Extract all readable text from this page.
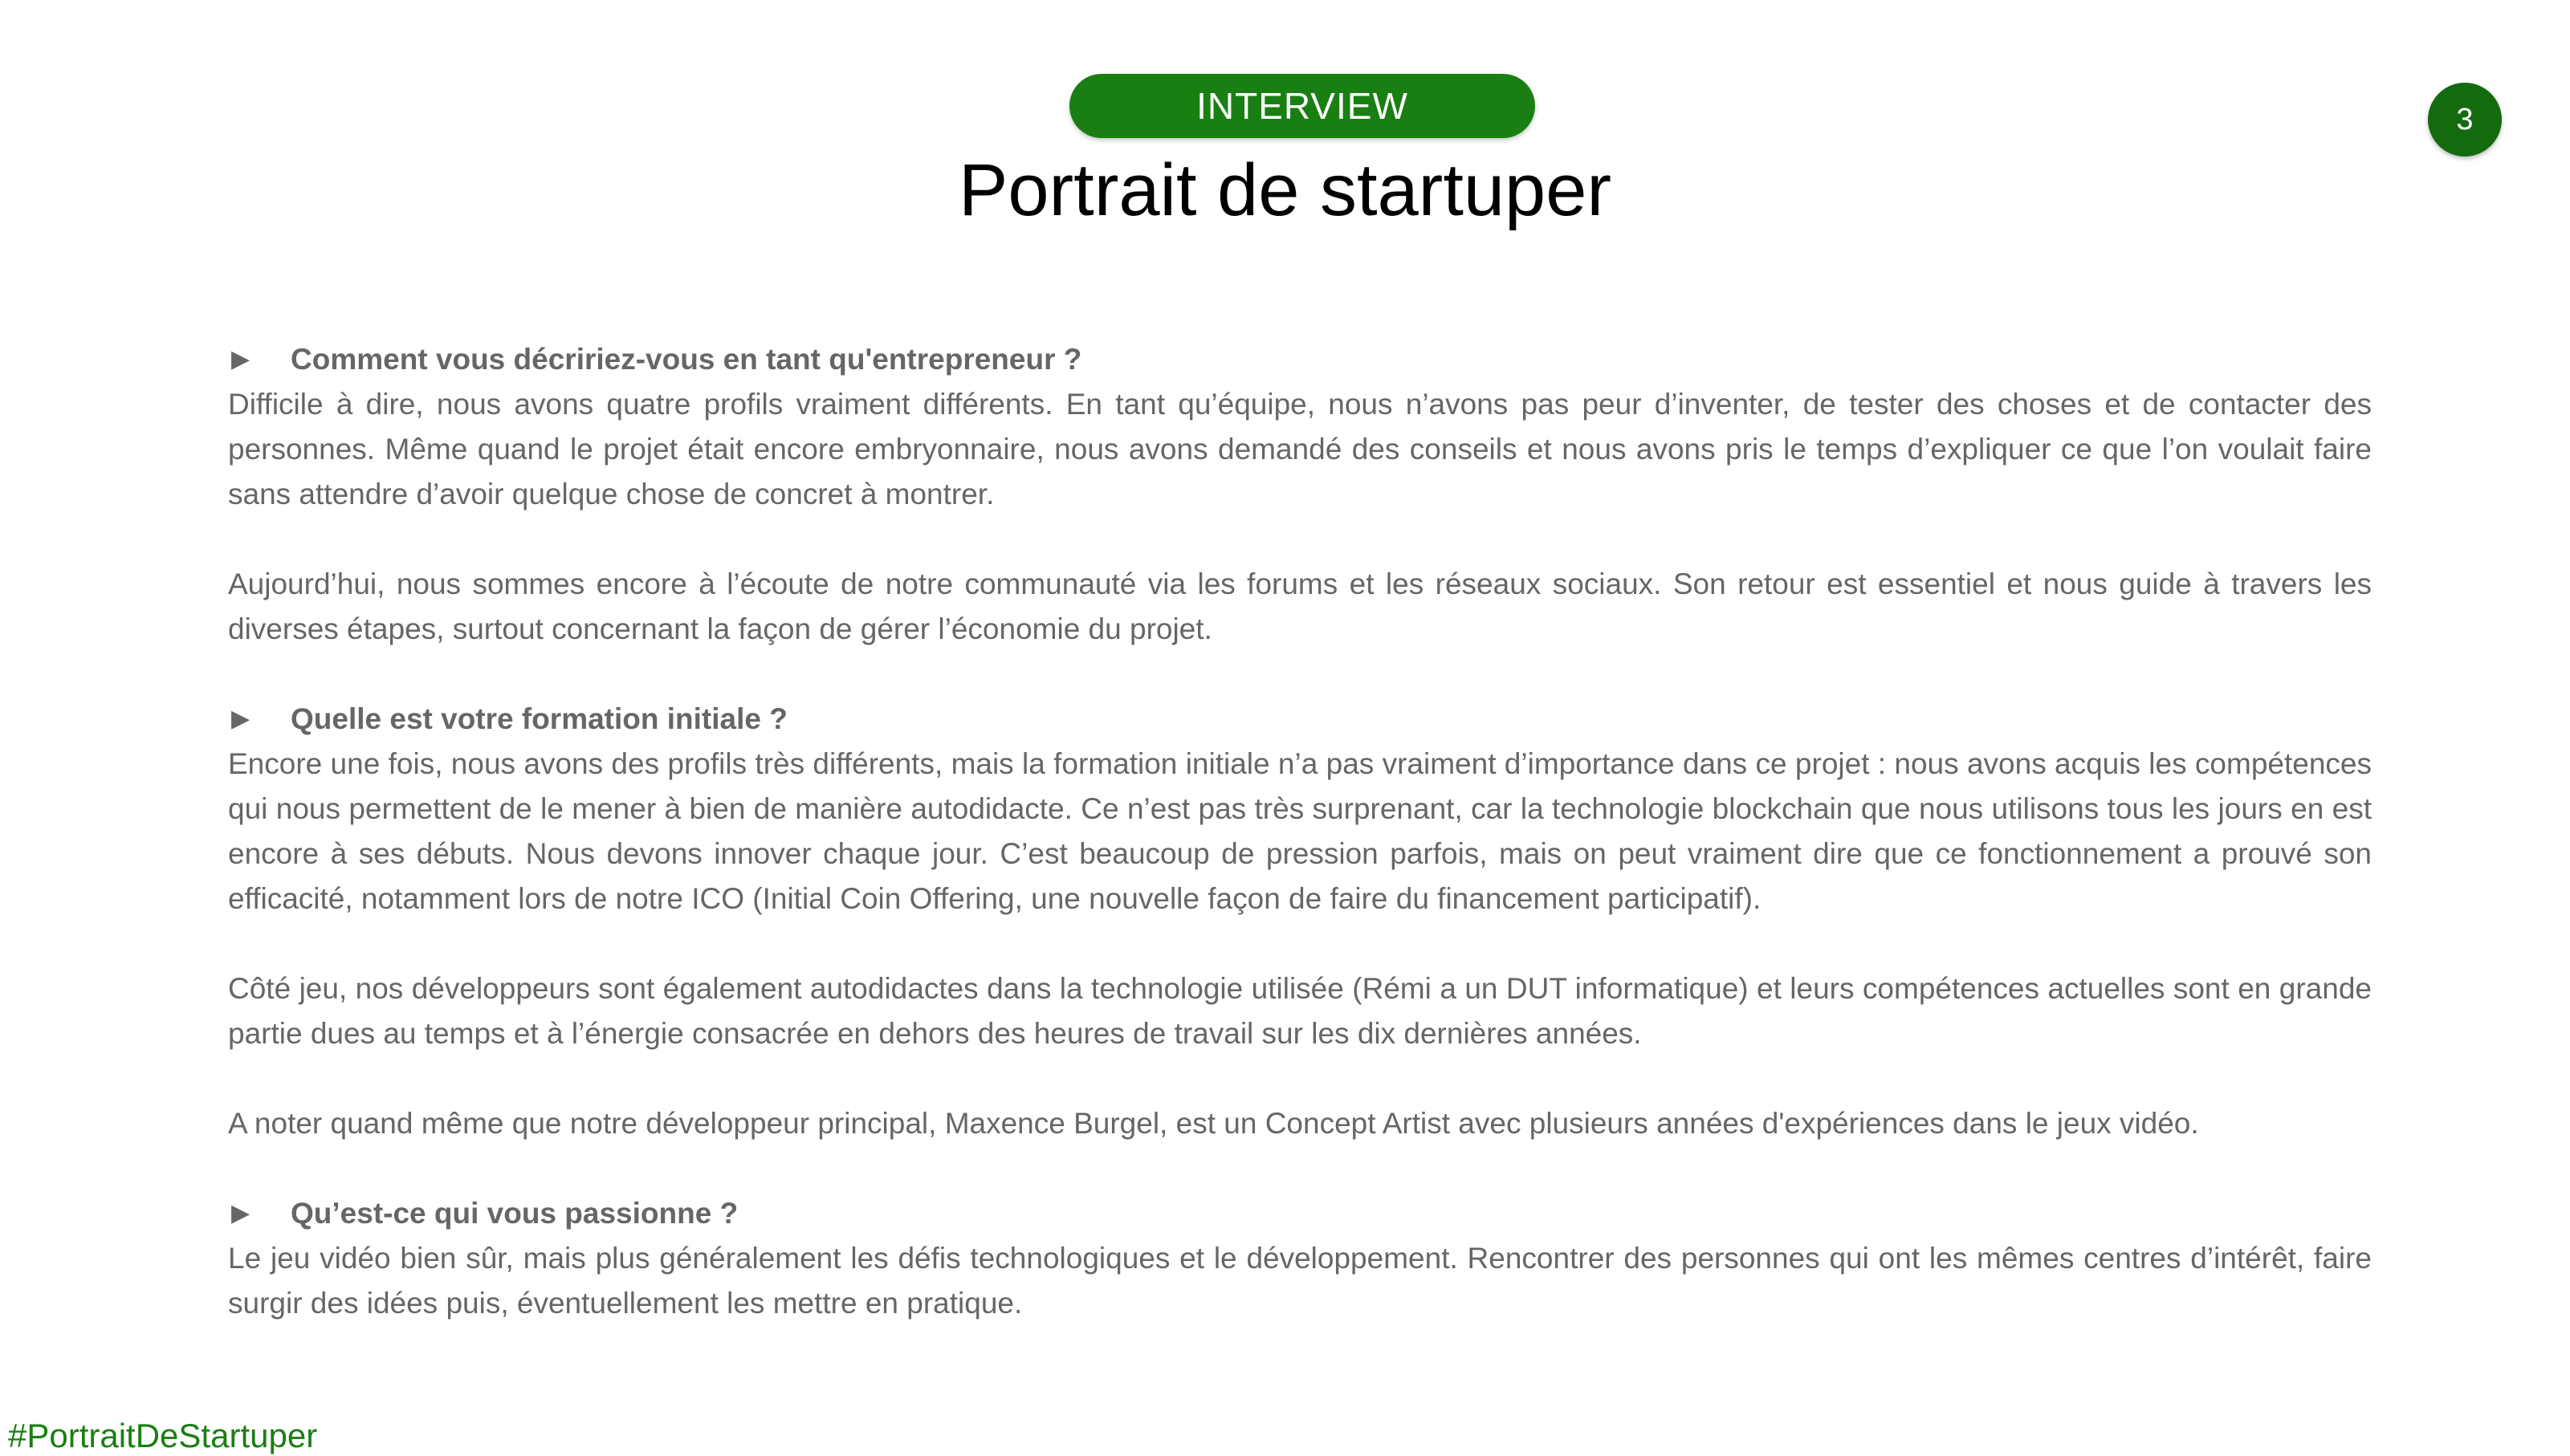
INTERVIEW
Portrait de startuper
3
▶ Comment vous décririez-vous en tant qu'entrepreneur ?

Difficile à dire, nous avons quatre profils vraiment différents. En tant qu’équipe, nous n’avons pas peur d’inventer, de tester des choses et de contacter des personnes. Même quand le projet était encore embryonnaire, nous avons demandé des conseils et nous avons pris le temps d’expliquer ce que l’on voulait faire sans attendre d’avoir quelque chose de concret à montrer.

Aujourd’hui, nous sommes encore à l’écoute de notre communauté via les forums et les réseaux sociaux. Son retour est essentiel et nous guide à travers les diverses étapes, surtout concernant la façon de gérer l’économie du projet.

▶ Quelle est votre formation initiale ?

Encore une fois, nous avons des profils très différents, mais la formation initiale n’a pas vraiment d’importance dans ce projet : nous avons acquis les compétences qui nous permettent de le mener à bien de manière autodidacte. Ce n’est pas très surprenant, car la technologie blockchain que nous utilisons tous les jours en est encore à ses débuts. Nous devons innover chaque jour. C’est beaucoup de pression parfois, mais on peut vraiment dire que ce fonctionnement a prouvé son efficacité, notamment lors de notre ICO (Initial Coin Offering, une nouvelle façon de faire du financement participatif).

Côté jeu, nos développeurs sont également autodidactes dans la technologie utilisée (Rémi a un DUT informatique) et leurs compétences actuelles sont en grande partie dues au temps et à l’énergie consacrée en dehors des heures de travail sur les dix dernières années.

A noter quand même que notre développeur principal, Maxence Burgel, est un Concept Artist avec plusieurs années d'expériences dans le jeux vidéo.

▶ Qu’est-ce qui vous passionne ?

Le jeu vidéo bien sûr, mais plus généralement les défis technologiques et le développement. Rencontrer des personnes qui ont les mêmes centres d’intérêt, faire surgir des idées puis, éventuellement les mettre en pratique.

#PortraitDeStartuper
